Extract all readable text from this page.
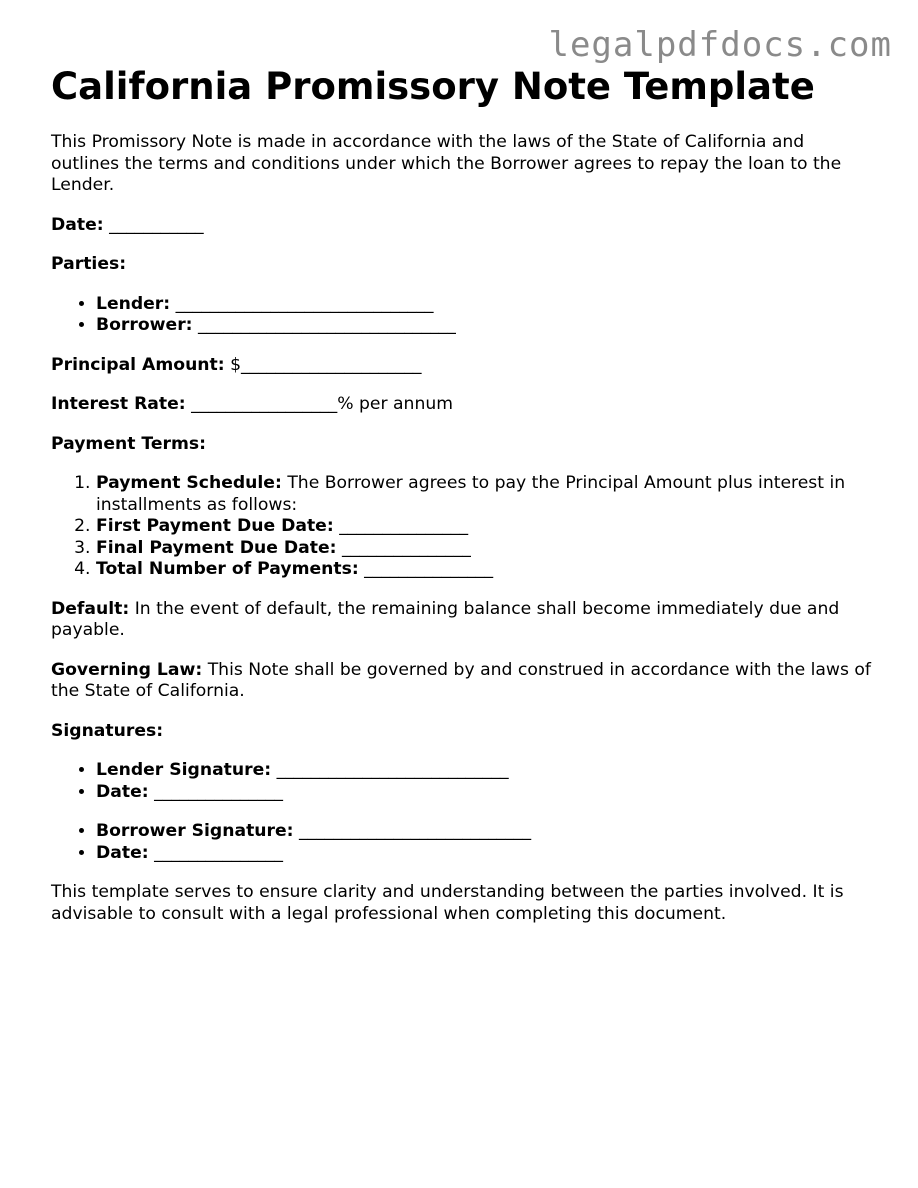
legalpdfdocs.com
California Promissory Note Template

This Promissory Note is made in accordance with the laws of the State of California and outlines the terms and conditions under which the Borrower agrees to repay the loan to the Lender.

Date: ___________

Parties:

• Lender: ______________________________
• Borrower: ______________________________

Principal Amount: $_____________________

Interest Rate: _________________% per annum

Payment Terms:

1. Payment Schedule: The Borrower agrees to pay the Principal Amount plus interest in installments as follows:
2. First Payment Due Date: _______________
3. Final Payment Due Date: _______________
4. Total Number of Payments: _______________

Default: In the event of default, the remaining balance shall become immediately due and payable.

Governing Law: This Note shall be governed by and construed in accordance with the laws of the State of California.

Signatures:

• Lender Signature: ___________________________
• Date: _______________
• Borrower Signature: ___________________________
• Date: _______________

This template serves to ensure clarity and understanding between the parties involved. It is advisable to consult with a legal professional when completing this document.
